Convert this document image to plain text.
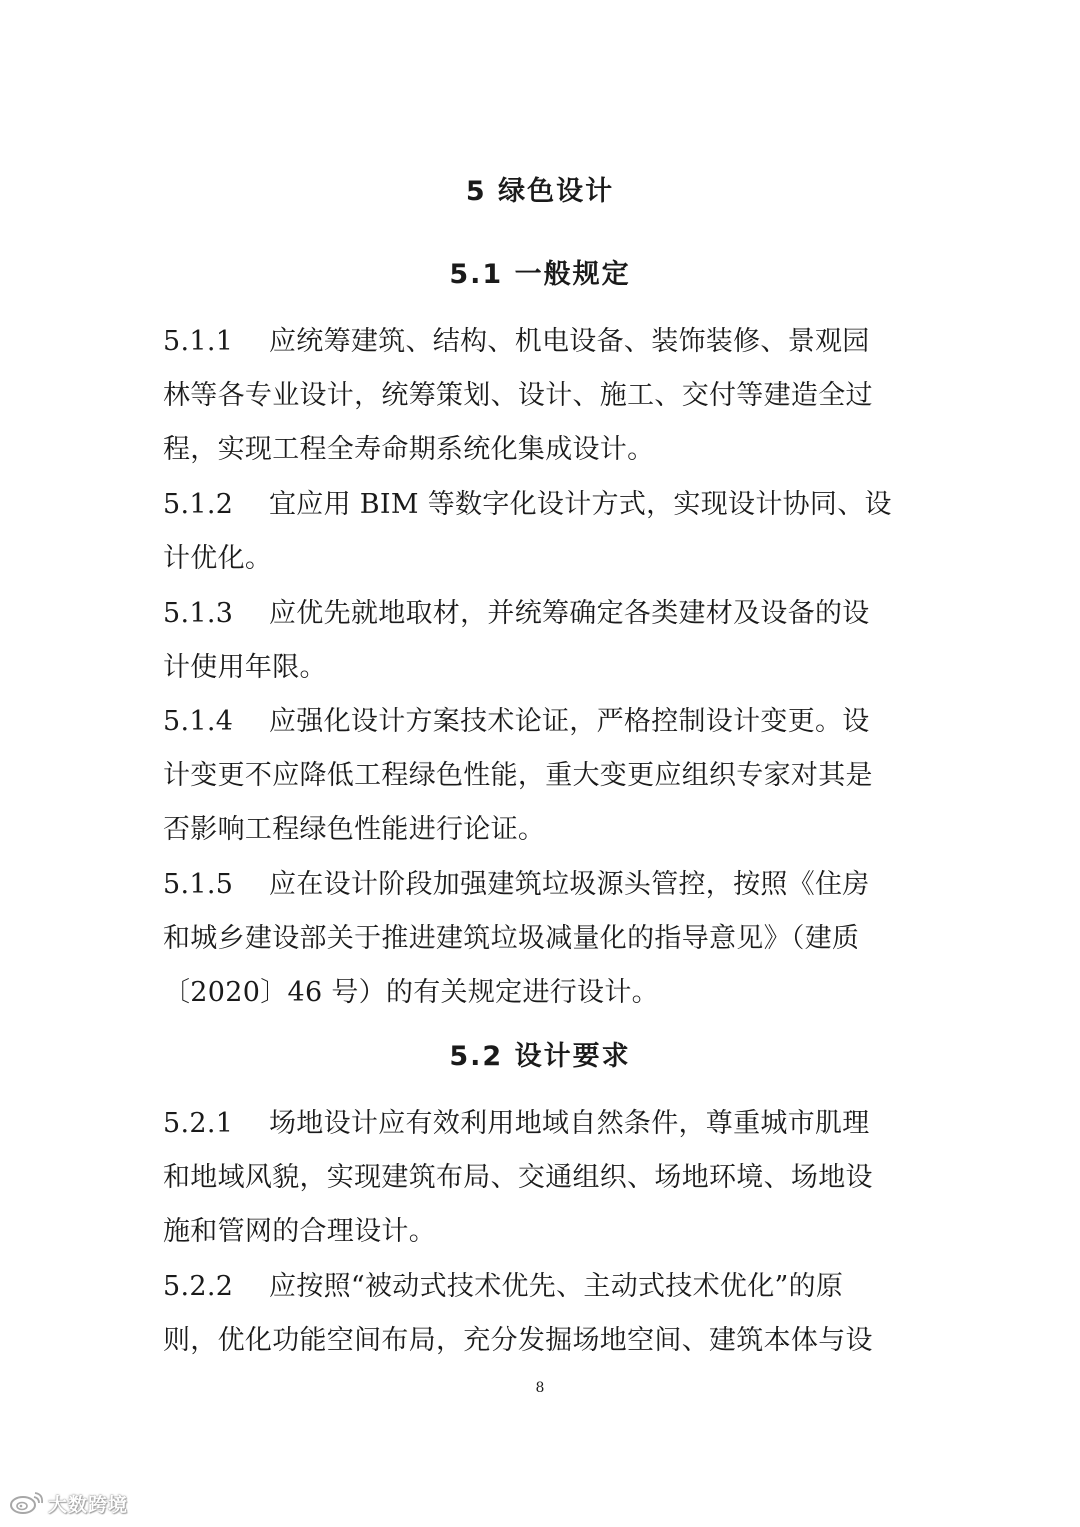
5 绿色设计
5.1 一般规定
5.1.1 应统筹建筑、结构、机电设备、装饰装修、景观园
林等各专业设计，统筹策划、设计、施工、交付等建造全过
程，实现工程全寿命期系统化集成设计。
5.1.2 宜应用 BIM 等数字化设计方式，实现设计协同、设
计优化。
5.1.3 应优先就地取材，并统筹确定各类建材及设备的设
计使用年限。
5.1.4 应强化设计方案技术论证，严格控制设计变更。设
计变更不应降低工程绿色性能，重大变更应组织专家对其是
否影响工程绿色性能进行论证。
5.1.5 应在设计阶段加强建筑垃圾源头管控，按照《住房
和城乡建设部关于推进建筑垃圾减量化的指导意见》（建质
〔2020〕46 号）的有关规定进行设计。
5.2 设计要求
5.2.1 场地设计应有效利用地域自然条件，尊重城市肌理
和地域风貌，实现建筑布局、交通组织、场地环境、场地设
施和管网的合理设计。
5.2.2 应按照“被动式技术优先、主动式技术优化”的原
则，优化功能空间布局，充分发掘场地空间、建筑本体与设
8
大数跨境
